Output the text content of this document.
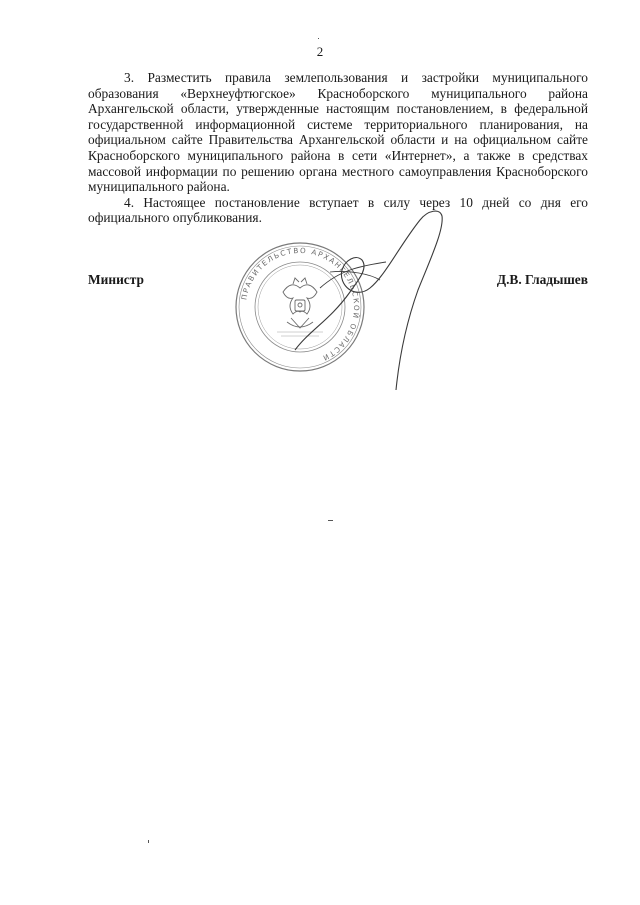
2

3. Разместить правила землепользования и застройки муниципального образования «Верхнеуфтюгское» Красноборского муниципального района Архангельской области, утвержденные настоящим постановлением, в федеральной государственной информационной системе территориального планирования, на официальном сайте Правительства Архангельской области и на официальном сайте Красноборского муниципального района в сети «Интернет», а также в средствах массовой информации по решению органа местного самоуправления Красноборского муниципального района.

4. Настоящее постановление вступает в силу через 10 дней со дня его официального опубликования.

ПРАВИТЕЛЬСТВО АРХАНГЕЛЬСКОЙ ОБЛАСТИ
Министр	Д.В. Гладышев
